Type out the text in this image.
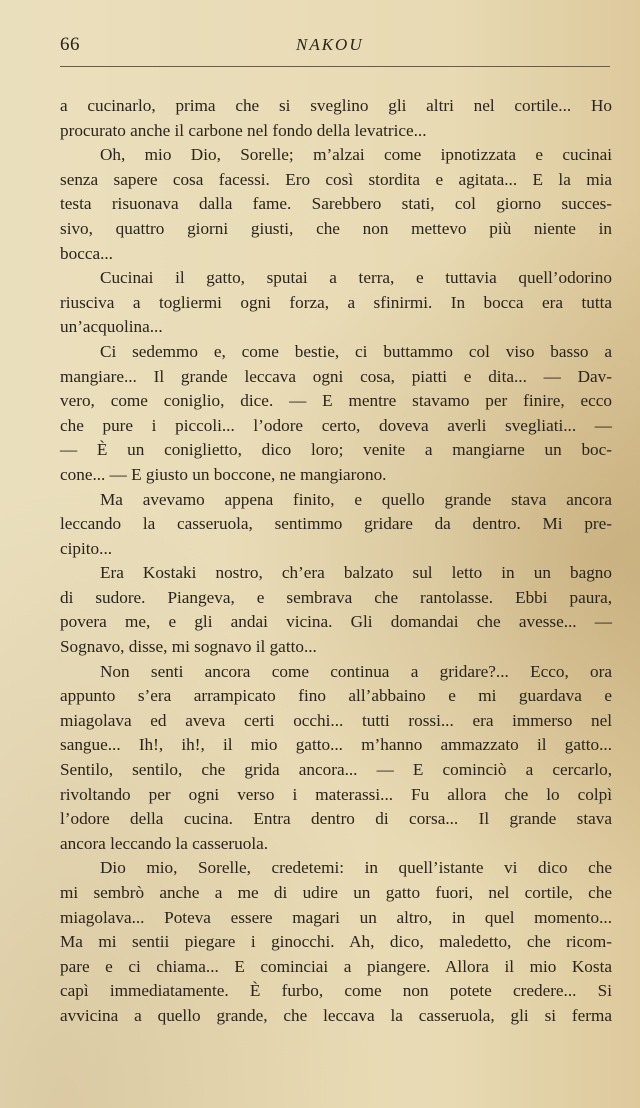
66	NAKOU
a cucinarlo, prima che si sveglino gli altri nel cortile... Ho
procurato anche il carbone nel fondo della levatrice...
Oh, mio Dio, Sorelle; m’alzai come ipnotizzata e cucinai
senza sapere cosa facessi. Ero così stordita e agitata... E la mia
testa risuonava dalla fame. Sarebbero stati, col giorno succes-
sivo, quattro giorni giusti, che non mettevo più niente in
bocca...
Cucinai il gatto, sputai a terra, e tuttavia quell’odorino
riusciva a togliermi ogni forza, a sfinirmi. In bocca era tutta
un’acquolina...
Ci sedemmo e, come bestie, ci buttammo col viso basso a
mangiare... Il grande leccava ogni cosa, piatti e dita... — Dav-
vero, come coniglio, dice. — E mentre stavamo per finire, ecco
che pure i piccoli... l’odore certo, doveva averli svegliati... —
— È un coniglietto, dico loro; venite a mangiarne un boc-
cone... — E giusto un boccone, ne mangiarono.
Ma avevamo appena finito, e quello grande stava ancora
leccando la casseruola, sentimmo gridare da dentro. Mi pre-
cipito...
Era Kostaki nostro, ch’era balzato sul letto in un bagno
di sudore. Piangeva, e sembrava che rantolasse. Ebbi paura,
povera me, e gli andai vicina. Gli domandai che avesse... —
Sognavo, disse, mi sognavo il gatto...
Non senti ancora come continua a gridare?... Ecco, ora
appunto s’era arrampicato fino all’abbaino e mi guardava e
miagolava ed aveva certi occhi... tutti rossi... era immerso nel
sangue... Ih!, ih!, il mio gatto... m’hanno ammazzato il gatto...
Sentilo, sentilo, che grida ancora... — E cominciò a cercarlo,
rivoltando per ogni verso i materassi... Fu allora che lo colpì
l’odore della cucina. Entra dentro di corsa... Il grande stava
ancora leccando la casseruola.
Dio mio, Sorelle, credetemi: in quell’istante vi dico che
mi sembrò anche a me di udire un gatto fuori, nel cortile, che
miagolava... Poteva essere magari un altro, in quel momento...
Ma mi sentii piegare i ginocchi. Ah, dico, maledetto, che ricom-
pare e ci chiama... E cominciai a piangere. Allora il mio Kosta
capì immediatamente. È furbo, come non potete credere... Si
avvicina a quello grande, che leccava la casseruola, gli si ferma
